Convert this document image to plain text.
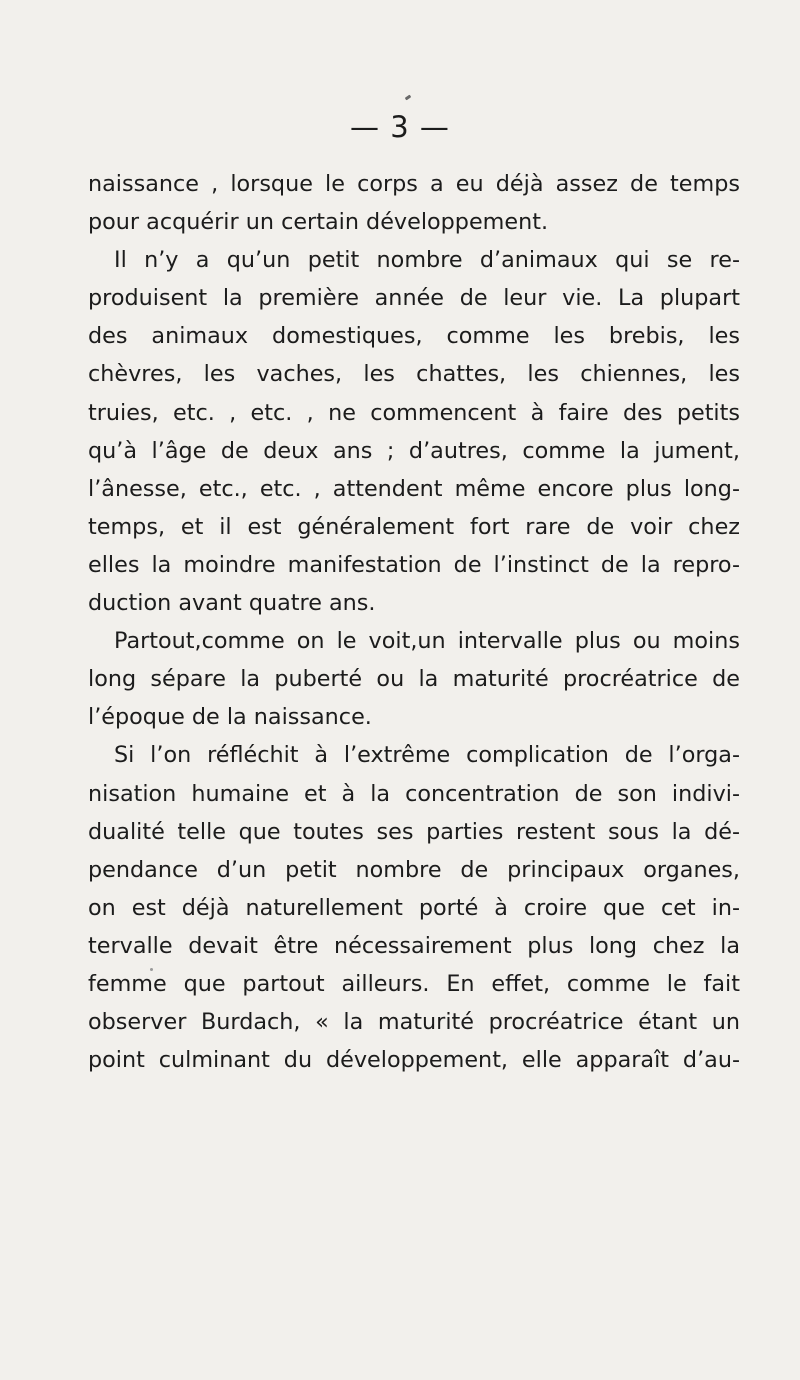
— 3 —
naissance , lorsque le corps a eu déjà assez de temps
pour acquérir un certain développement.
Il n’y a qu’un petit nombre d’animaux qui se re-
produisent la première année de leur vie. La plupart
des animaux domestiques, comme les brebis, les
chèvres, les vaches, les chattes, les chiennes, les
truies, etc. , etc. , ne commencent à faire des petits
qu’à l’âge de deux ans ; d’autres, comme la jument,
l’ânesse, etc., etc. , attendent même encore plus long-
temps, et il est généralement fort rare de voir chez
elles la moindre manifestation de l’instinct de la repro-
duction avant quatre ans.
Partout,comme on le voit,un intervalle plus ou moins
long sépare la puberté ou la maturité procréatrice de
l’époque de la naissance.
Si l’on réfléchit à l’extrême complication de l’orga-
nisation humaine et à la concentration de son indivi-
dualité telle que toutes ses parties restent sous la dé-
pendance d’un petit nombre de principaux organes,
on est déjà naturellement porté à croire que cet in-
tervalle devait être nécessairement plus long chez la
femme que partout ailleurs. En effet, comme le fait
observer Burdach, « la maturité procréatrice étant un
point culminant du développement, elle apparaît d’au-
